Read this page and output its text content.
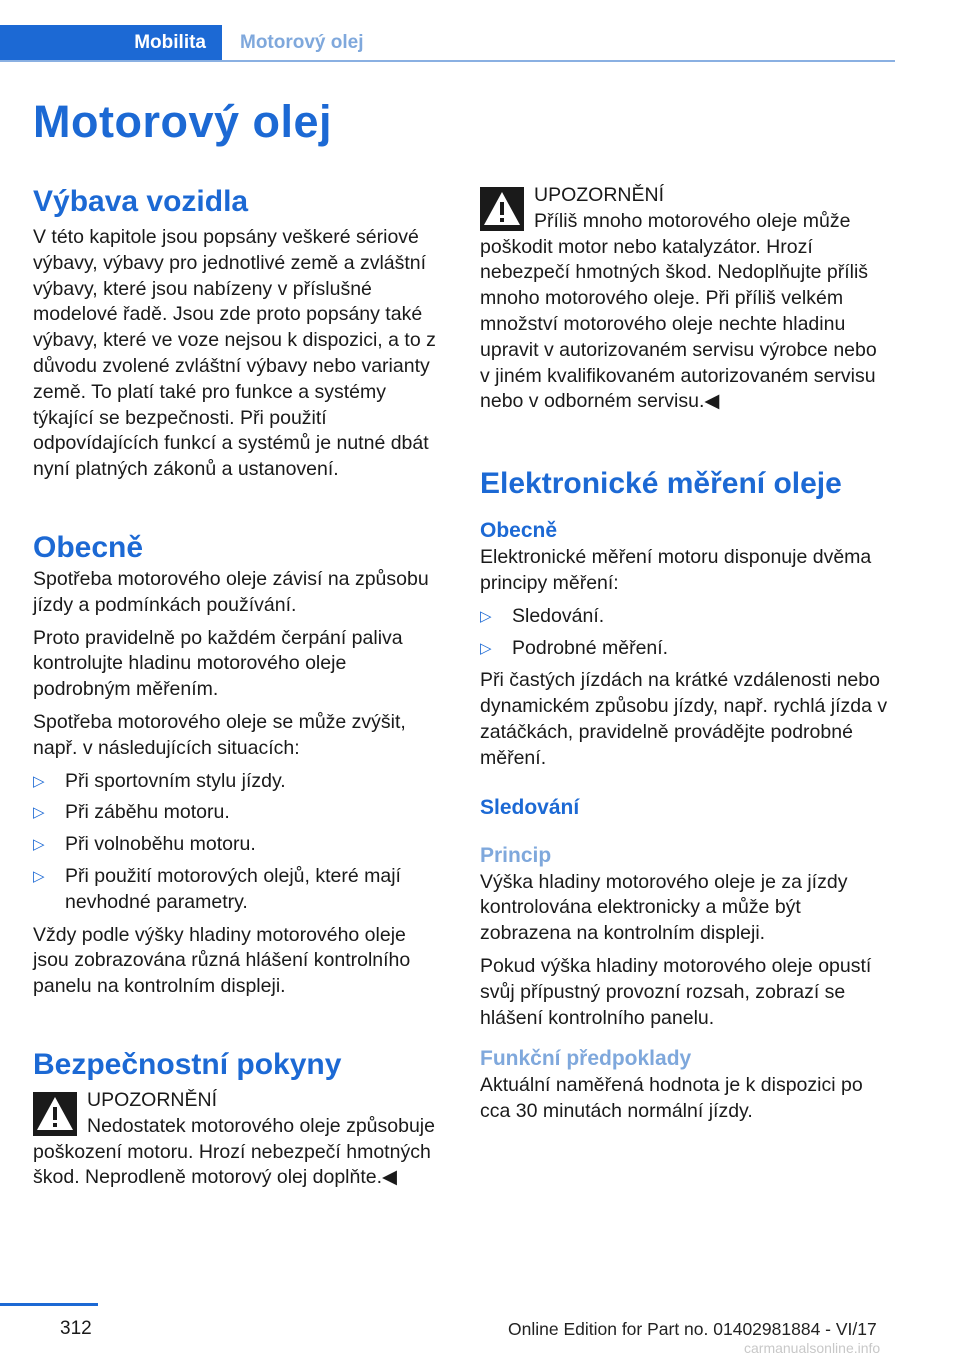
Mobilita Motorový olej
Motorový olej
Výbava vozidla

V této kapitole jsou popsány veškeré sériové výbavy, výbavy pro jednotlivé země a zvláštní výbavy, které jsou nabízeny v příslušné modelové řadě. Jsou zde proto popsány také výbavy, které ve voze nejsou k dispozici, a to z důvodu zvolené zvláštní výbavy nebo varianty země. To platí také pro funkce a systémy týkající se bezpečnosti. Při použití odpovídajících funkcí a systémů je nutné dbát nyní platných zákonů a ustanovení.

Obecně

Spotřeba motorového oleje závisí na způsobu jízdy a podmínkách používání.

Proto pravidelně po každém čerpání paliva kontrolujte hladinu motorového oleje podrobným měřením.

Spotřeba motorového oleje se může zvýšit, např. v následujících situacích:

▷ Při sportovním stylu jízdy.
▷ Při záběhu motoru.
▷ Při volnoběhu motoru.
▷ Při použití motorových olejů, které mají nevhodné parametry.

Vždy podle výšky hladiny motorového oleje jsou zobrazována různá hlášení kontrolního panelu na kontrolním displeji.

Bezpečnostní pokyny
UPOZORNĚNÍ
Nedostatek motorového oleje způsobuje poškození motoru. Hrozí nebezpečí hmotných škod. Neprodleně motorový olej doplňte.◀
UPOZORNĚNÍ
Příliš mnoho motorového oleje může poškodit motor nebo katalyzátor. Hrozí nebezpečí hmotných škod. Nedoplňujte příliš mnoho motorového oleje. Při příliš velkém množství motorového oleje nechte hladinu upravit v autorizovaném servisu výrobce nebo v jiném kvalifikovaném autorizovaném servisu nebo v odborném servisu.◀
Elektronické měření oleje
Obecně

Elektronické měření motoru disponuje dvěma principy měření:

▷ Sledování.
▷ Podrobné měření.

Při častých jízdách na krátké vzdálenosti nebo dynamickém způsobu jízdy, např. rychlá jízda v zatáčkách, pravidelně provádějte podrobné měření.

Sledování
Princip

Výška hladiny motorového oleje je za jízdy kontrolována elektronicky a může být zobrazena na kontrolním displeji.

Pokud výška hladiny motorového oleje opustí svůj přípustný provozní rozsah, zobrazí se hlášení kontrolního panelu.

Funkční předpoklady

Aktuální naměřená hodnota je k dispozici po cca 30 minutách normální jízdy.

312	Online Edition for Part no. 01402981884 - VI/17
carmanualsonline.info
